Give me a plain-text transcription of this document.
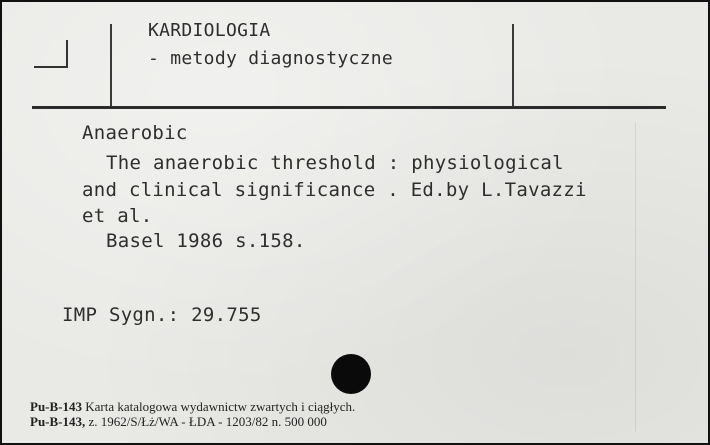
KARDIOLOGIA
- metody diagnostyczne
Anaerobic
The anaerobic threshold : physiological
and clinical significance . Ed.by L.Tavazzi
et al.
Basel 1986 s.158.
IMP Sygn.: 29.755
Pu-B-143 Karta katalogowa wydawnictw zwartych i ciągłych.
Pu-B-143, z. 1962/S/Łż/WA - ŁDA - 1203/82 n. 500 000
